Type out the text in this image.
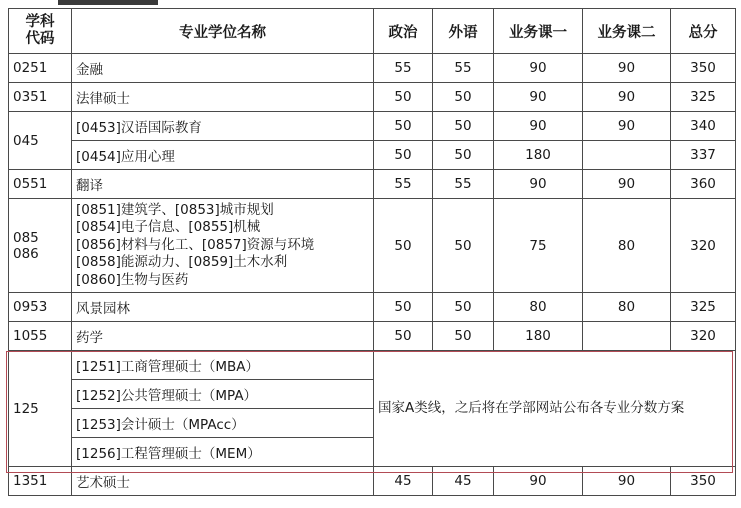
学科
代码	专业学位名称	政治	外语	业务课一	业务课二	总分
0251	金融	55	55	90	90	350
0351	法律硕士	50	50	90	90	325
045	[0453]汉语国际教育	50	50	90	90	340
	[0454]应用心理	50	50	180		337
0551	翻译	55	55	90	90	360

085
086	[0851]建筑学、[0853]城市规划
[0854]电子信息、[0855]机械
[0856]材料与化工、[0857]资源与环境
[0858]能源动力、[0859]土木水利
[0860]生物与医药	50	50	75	80	320
0953	风景园林	50	50	80	80	325
1055	药学	50	50	180		320
125	[1251]工商管理硕士（MBA）	国家A类线，之后将在学部网站公布各专业分数方案				
	[1252]公共管理硕士（MPA）					
	[1253]会计硕士（MPAcc）					
	[1256]工程管理硕士（MEM）					
1351	艺术硕士	45	45	90	90	350
